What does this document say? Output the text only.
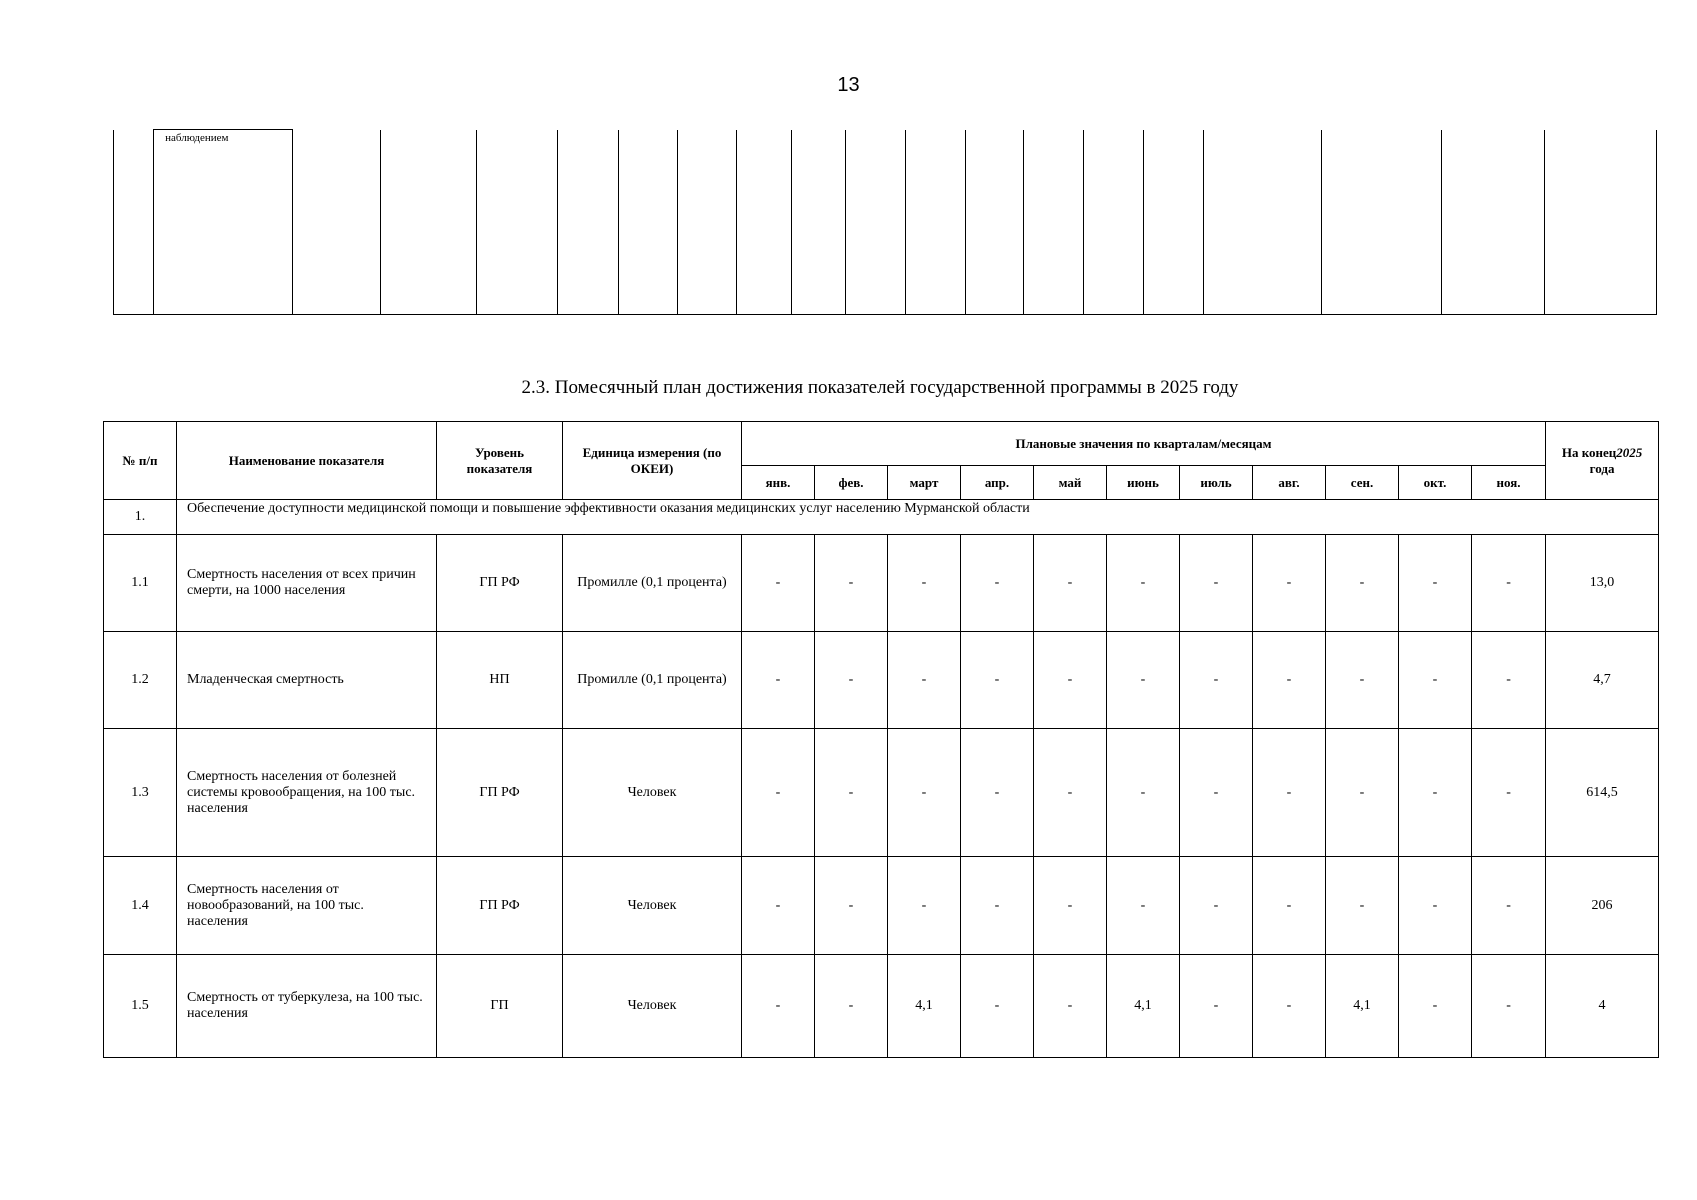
13
	наблюдением																		
2.3. Помесячный план достижения показателей государственной программы в 2025 году
№ п/п	Наименование показателя	Уровень показателя	Единица измерения (по ОКЕИ)	Плановые значения по кварталам/месяцам											На конец2025
года
				янв.	фев.	март	апр.	май	июнь	июль	авг.	сен.	окт.	ноя.	
1.	Обеспечение доступности медицинской помощи и повышение эффективности оказания медицинских услуг населению Мурманской области														
1.1	Смертность населения от всех причин смерти, на 1000 населения	ГП РФ	Промилле (0,1 процента)	-	-	-	-	-	-	-	-	-	-	-	13,0
1.2	Младенческая смертность	НП	Промилле (0,1 процента)	-	-	-	-	-	-	-	-	-	-	-	4,7
1.3	Смертность населения от болезней системы кровообращения, на 100 тыс. населения	ГП РФ	Человек	-	-	-	-	-	-	-	-	-	-	-	614,5
1.4	Смертность населения от новообразований, на 100 тыс. населения	ГП РФ	Человек	-	-	-	-	-	-	-	-	-	-	-	206
1.5	Смертность от туберкулеза, на 100 тыс. населения	ГП	Человек	-	-	4,1	-	-	4,1	-	-	4,1	-	-	4
